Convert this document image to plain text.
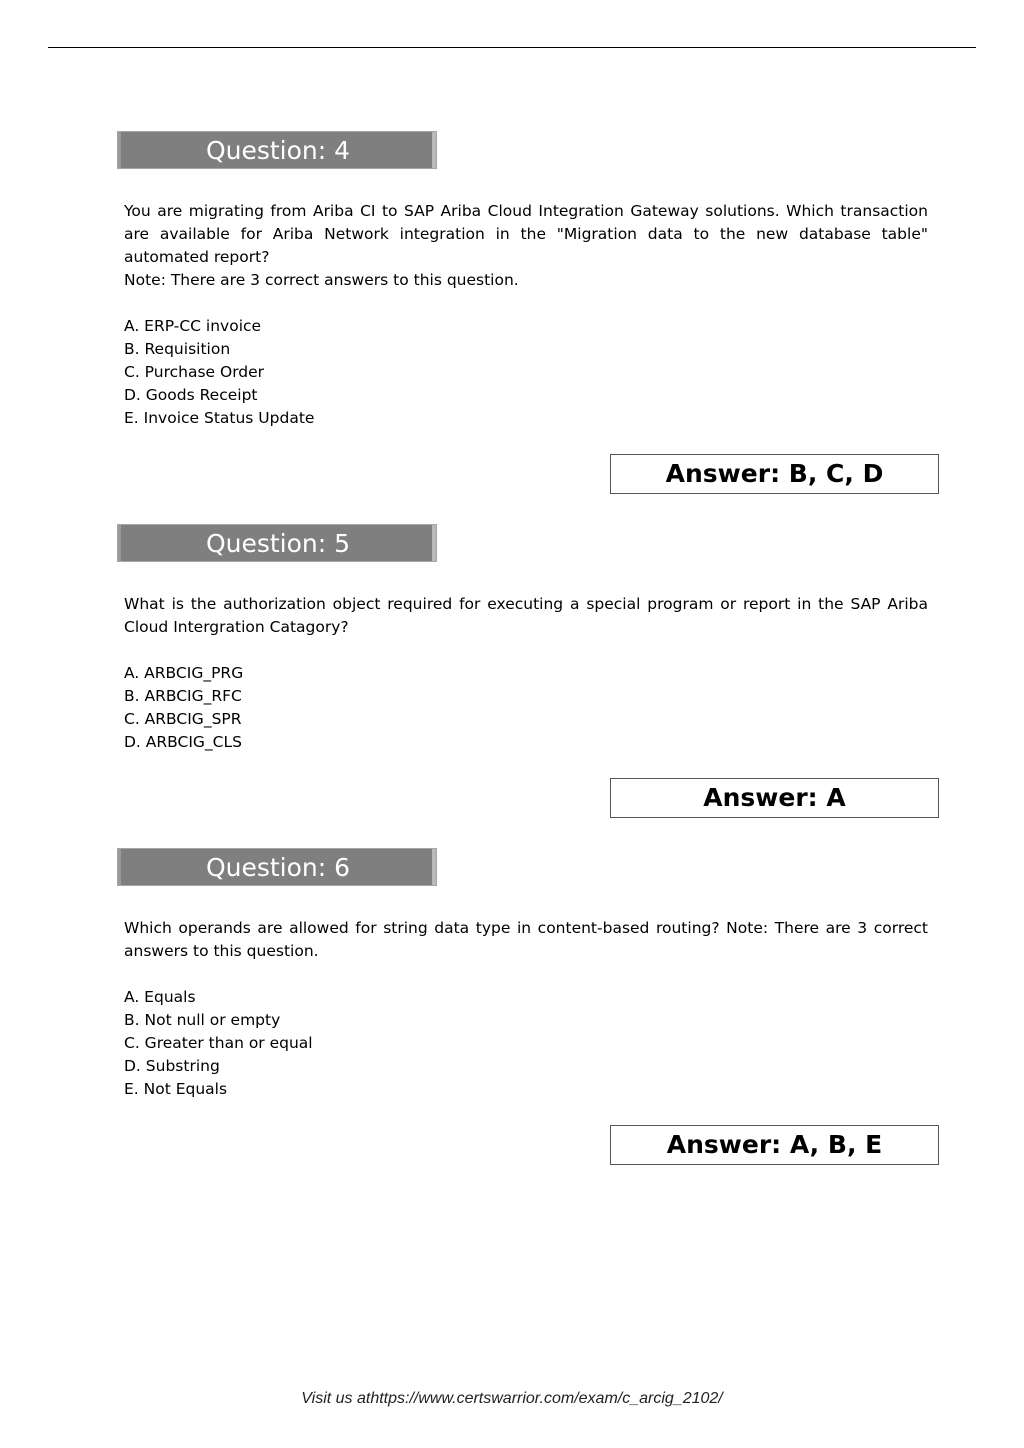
Question: 4

You are migrating from Ariba CI to SAP Ariba Cloud Integration Gateway solutions. Which transaction are available for Ariba Network integration in the "Migration data to the new database table" automated report?

Note: There are 3 correct answers to this question.

A. ERP-CC invoice
B. Requisition
C. Purchase Order
D. Goods Receipt
E. Invoice Status Update
Answer: B, C, D
Question: 5

What is the authorization object required for executing a special program or report in the SAP Ariba Cloud Intergration Catagory?

A. ARBCIG_PRG
B. ARBCIG_RFC
C. ARBCIG_SPR
D. ARBCIG_CLS
Answer: A
Question: 6

Which operands are allowed for string data type in content-based routing? Note: There are 3 correct answers to this question.

A. Equals
B. Not null or empty
C. Greater than or equal
D. Substring
E. Not Equals
Answer: A, B, E
Visit us athttps://www.certswarrior.com/exam/c_arcig_2102/
